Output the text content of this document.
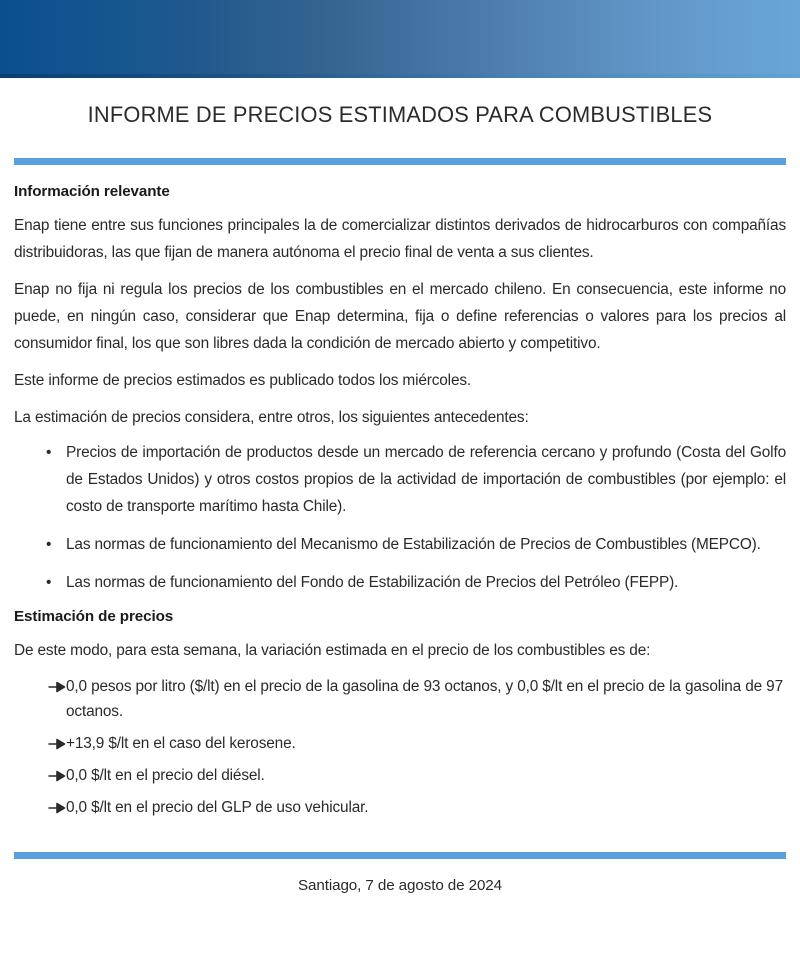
INFORME DE PRECIOS ESTIMADOS PARA COMBUSTIBLES
Información relevante

Enap tiene entre sus funciones principales la de comercializar distintos derivados de hidrocarburos con compañías distribuidoras, las que fijan de manera autónoma el precio final de venta a sus clientes.

Enap no fija ni regula los precios de los combustibles en el mercado chileno. En consecuencia, este informe no puede, en ningún caso, considerar que Enap determina, fija o define referencias o valores para los precios al consumidor final, los que son libres dada la condición de mercado abierto y competitivo.

Este informe de precios estimados es publicado todos los miércoles.

La estimación de precios considera, entre otros, los siguientes antecedentes:

• Precios de importación de productos desde un mercado de referencia cercano y profundo (Costa del Golfo de Estados Unidos) y otros costos propios de la actividad de importación de combustibles (por ejemplo: el costo de transporte marítimo hasta Chile).
• Las normas de funcionamiento del Mecanismo de Estabilización de Precios de Combustibles (MEPCO).
• Las normas de funcionamiento del Fondo de Estabilización de Precios del Petróleo (FEPP).
Estimación de precios

De este modo, para esta semana, la variación estimada en el precio de los combustibles es de:

0,0 pesos por litro ($/lt) en el precio de la gasolina de 93 octanos, y 0,0 $/lt en el precio de la gasolina de 97 octanos.
+13,9 $/lt en el caso del kerosene.
0,0 $/lt en el precio del diésel.
0,0 $/lt en el precio del GLP de uso vehicular.
Santiago, 7 de agosto de 2024
